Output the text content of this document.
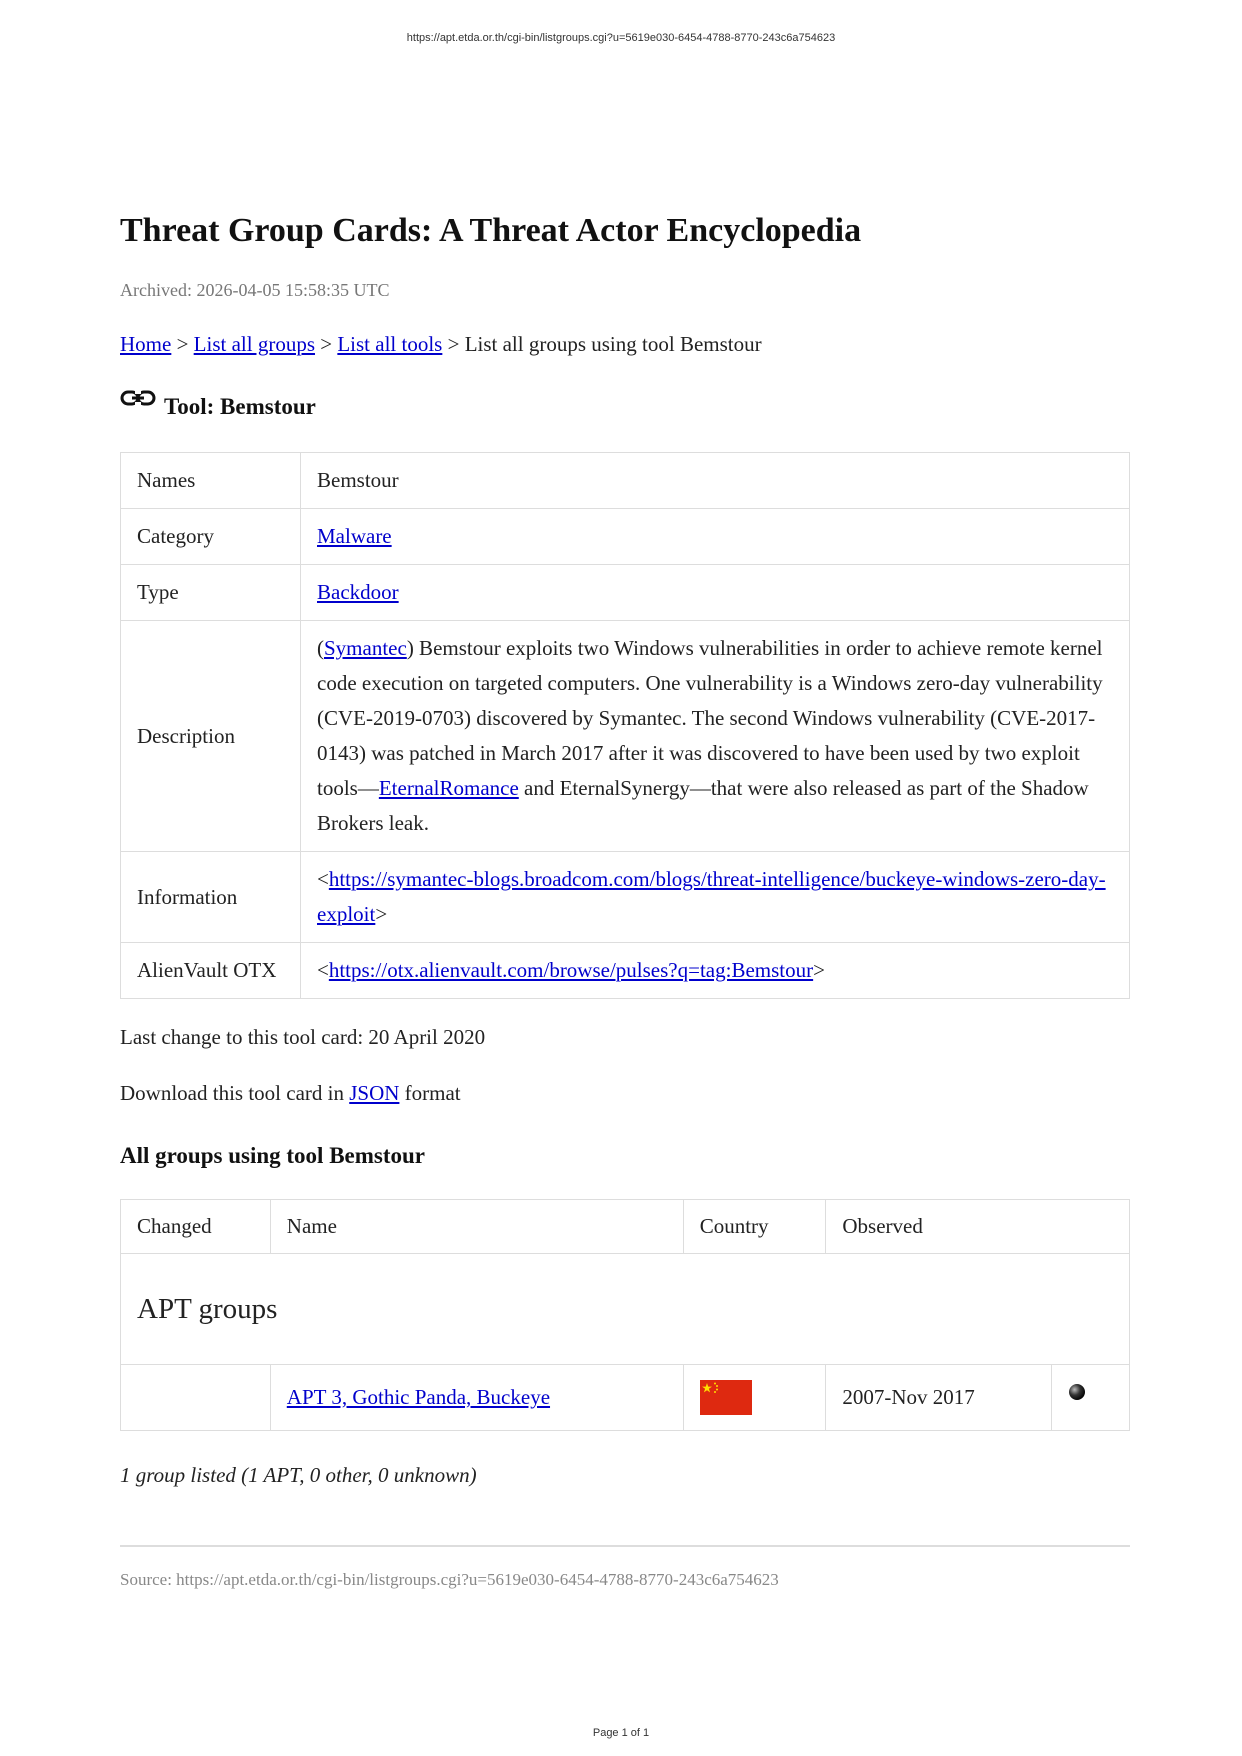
https://apt.etda.or.th/cgi-bin/listgroups.cgi?u=5619e030-6454-4788-8770-243c6a754623
Threat Group Cards: A Threat Actor Encyclopedia
Archived: 2026-04-05 15:58:35 UTC
Home > List all groups > List all tools > List all groups using tool Bemstour
Tool: Bemstour
Names	Bemstour
Category	Malware
Type	Backdoor
Description	(Symantec) Bemstour exploits two Windows vulnerabilities in order to achieve remote kernel code execution on targeted computers. One vulnerability is a Windows zero-day vulnerability (CVE-2019-0703) discovered by Symantec. The second Windows vulnerability (CVE-2017-0143) was patched in March 2017 after it was discovered to have been used by two exploit tools—EternalRomance and EternalSynergy—that were also released as part of the Shadow Brokers leak.
Information	<https://symantec-blogs.broadcom.com/blogs/threat-intelligence/buckeye-windows-zero-day-exploit>
AlienVault OTX	<https://otx.alienvault.com/browse/pulses?q=tag:Bemstour>
Last change to this tool card: 20 April 2020
Download this tool card in JSON format
All groups using tool Bemstour
Changed	Name	Country	Observed	
APT groups				
	APT 3, Gothic Panda, Buckeye		2007-Nov 2017	
1 group listed (1 APT, 0 other, 0 unknown)
Source: https://apt.etda.or.th/cgi-bin/listgroups.cgi?u=5619e030-6454-4788-8770-243c6a754623
Page 1 of 1
